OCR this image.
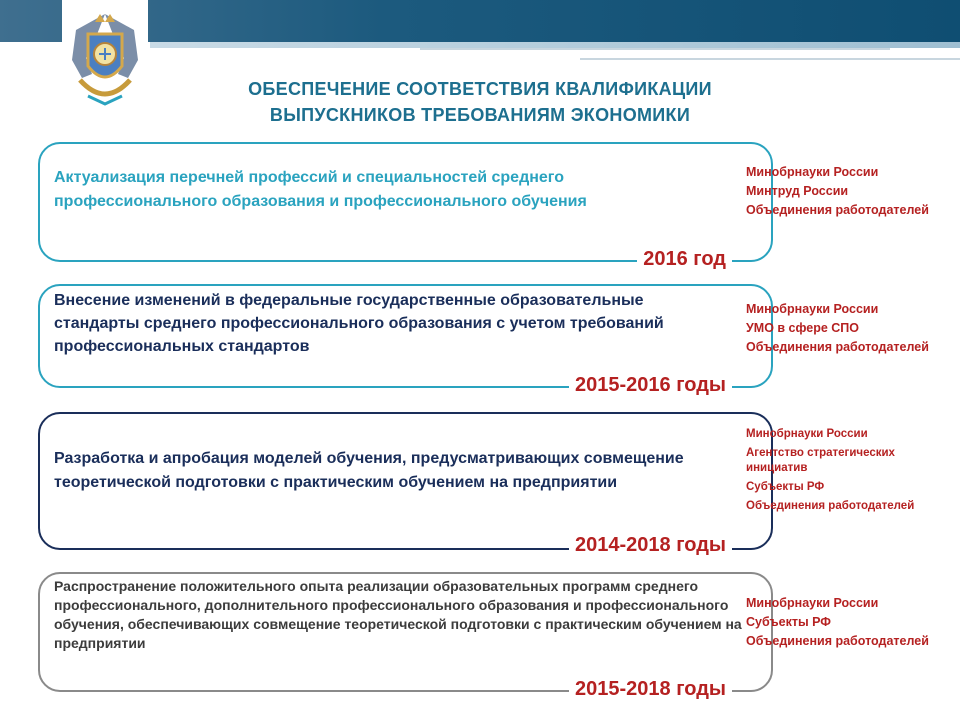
ОБЕСПЕЧЕНИЕ СООТВЕТСТВИЯ КВАЛИФИКАЦИИ
ВЫПУСКНИКОВ ТРЕБОВАНИЯМ ЭКОНОМИКИ
Актуализация перечней профессий и специальностей среднего профессионального образования и профессионального обучения
2016 год
Минобрнауки России
Минтруд России
Объединения работодателей
Внесение изменений в федеральные государственные образовательные стандарты среднего профессионального образования с учетом требований профессиональных стандартов
2015-2016 годы
Минобрнауки России
УМО в сфере СПО
Объединения работодателей
Разработка и апробация моделей обучения, предусматривающих совмещение теоретической подготовки с практическим обучением на предприятии
2014-2018 годы
Минобрнауки России
Агентство стратегических инициатив
Субъекты РФ
Объединения работодателей
Распространение положительного опыта реализации образовательных программ среднего профессионального, дополнительного профессионального образования и профессионального обучения, обеспечивающих совмещение теоретической подготовки с практическим обучением на предприятии
2015-2018 годы
Минобрнауки России
Субъекты РФ
Объединения работодателей
